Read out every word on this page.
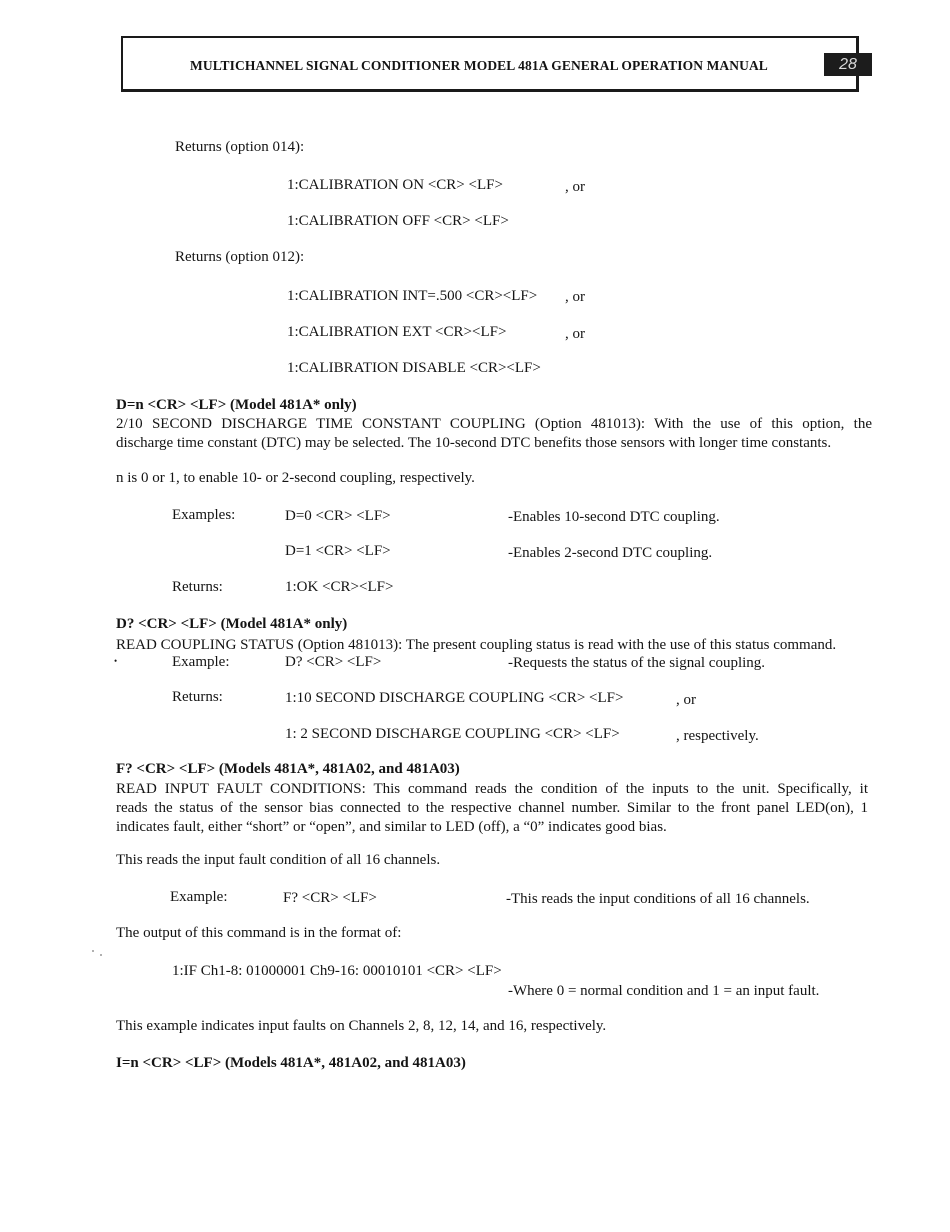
MULTICHANNEL SIGNAL CONDITIONER MODEL 481A GENERAL OPERATION MANUAL	28
Returns (option 014):
1:CALIBRATION ON <CR> <LF>	, or
1:CALIBRATION OFF <CR> <LF>
Returns (option 012):
1:CALIBRATION INT=.500 <CR><LF> , or
1:CALIBRATION EXT <CR><LF>	, or
1:CALIBRATION DISABLE <CR><LF>
D=n <CR> <LF> (Model 481A* only)
2/10 SECOND DISCHARGE TIME CONSTANT COUPLING (Option 481013): With the use of this option, the
discharge time constant (DTC) may be selected. The 10-second DTC benefits those sensors with longer time constants.
n is 0 or 1, to enable 10- or 2-second coupling, respectively.
Examples:	D=0 <CR> <LF>	-Enables 10-second DTC coupling.
D=1 <CR> <LF>	-Enables 2-second DTC coupling.
Returns:	1:OK <CR><LF>
D? <CR> <LF> (Model 481A* only)
READ COUPLING STATUS (Option 481013): The present coupling status is read with the use of this status command.
•	Example:	D? <CR> <LF>	-Requests the status of the signal coupling.
Returns:	1:10 SECOND DISCHARGE COUPLING <CR> <LF>	, or
1: 2 SECOND DISCHARGE COUPLING <CR> <LF>	, respectively.
F? <CR> <LF> (Models 481A*, 481A02, and 481A03)
READ INPUT FAULT CONDITIONS: This command reads the condition of the inputs to the unit. Specifically, it
reads the status of the sensor bias connected to the respective channel number. Similar to the front panel LED(on), 1
indicates fault, either “short” or “open”, and similar to LED (off), a “0” indicates good bias.
This reads the input fault condition of all 16 channels.
Example:	F? <CR> <LF>	-This reads the input conditions of all 16 channels.
The output of this command is in the format of:
1:IF Ch1-8: 01000001 Ch9-16: 00010101 <CR> <LF>
-Where 0 = normal condition and 1 = an input fault.
This example indicates input faults on Channels 2, 8, 12, 14, and 16, respectively.
I=n <CR> <LF> (Models 481A*, 481A02, and 481A03)
